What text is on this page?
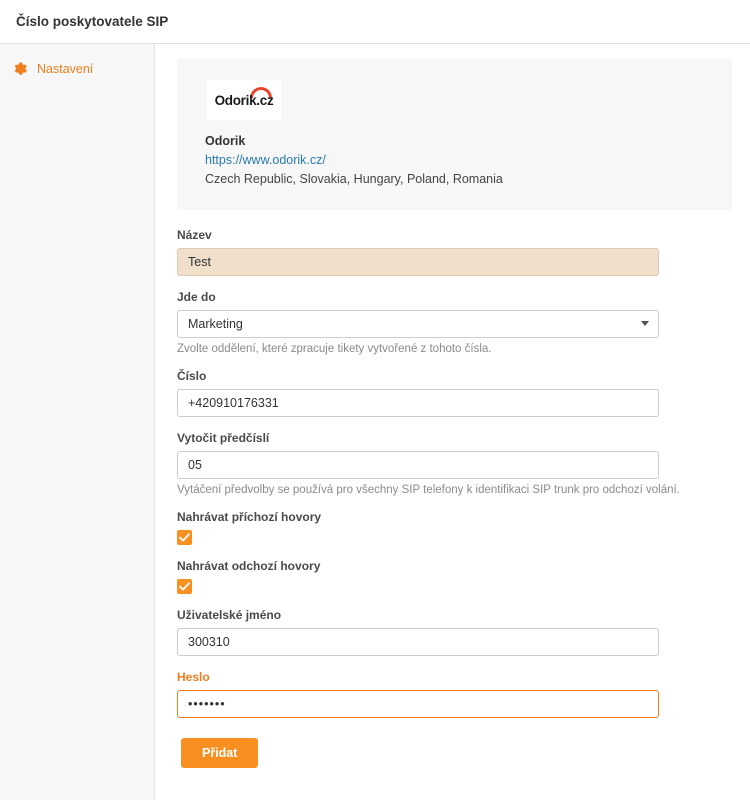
Číslo poskytovatele SIP
Nastavení
Odorik.cz
Odorik
https://www.odorik.cz/
Czech Republic, Slovakia, Hungary, Poland, Romania
Název
Test
Jde do
Marketing
Zvolte oddělení, které zpracuje tikety vytvořené z tohoto čísla.
Číslo
+420910176331
Vytočit předčíslí
05
Vytáčení předvolby se používá pro všechny SIP telefony k identifikaci SIP trunk pro odchozí volání.
Nahrávat příchozí hovory
Nahrávat odchozí hovory
Uživatelské jméno
300310
Heslo
•••••••
Přidat
